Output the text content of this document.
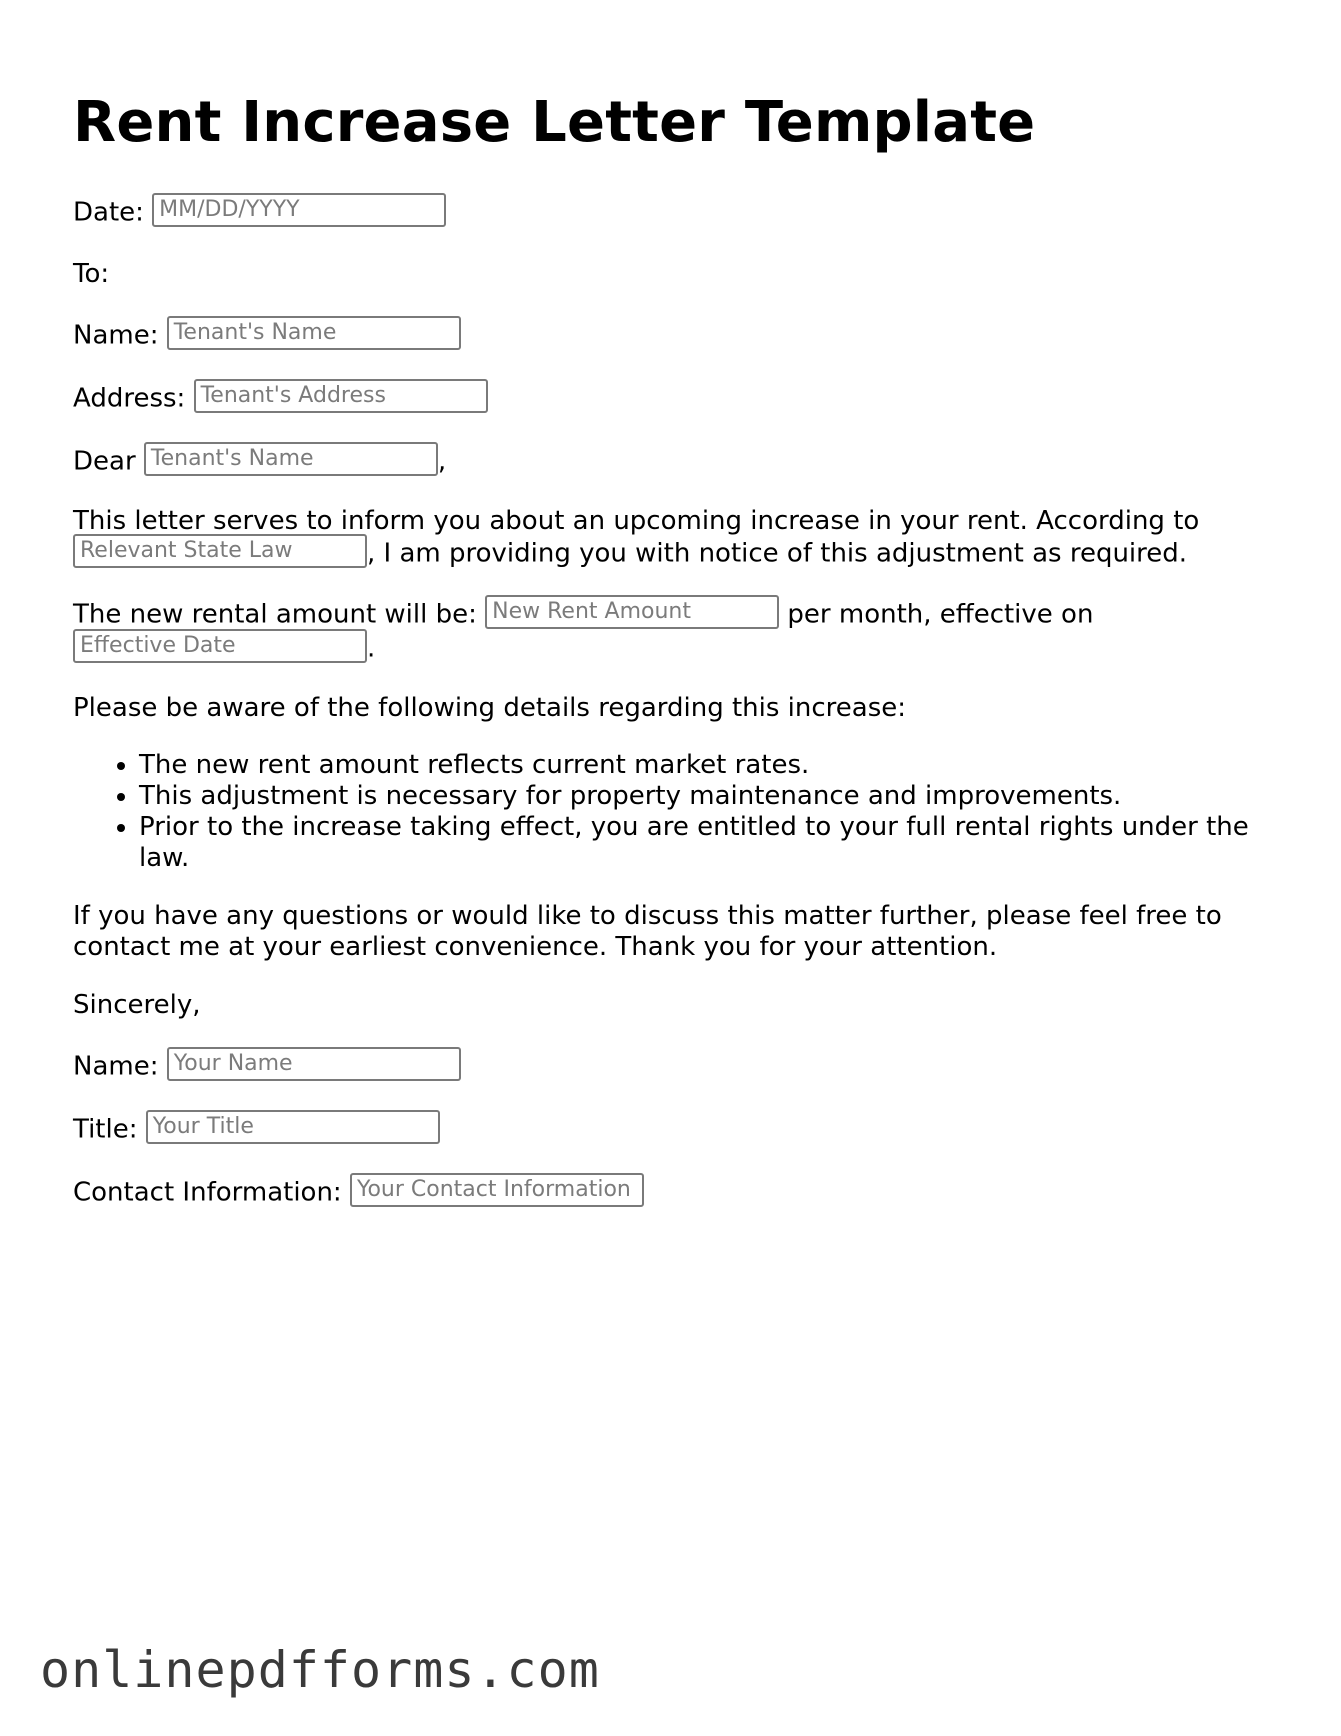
Rent Increase Letter Template

Date: MM/DD/YYYY

To:

Name: Tenant's Name

Address: Tenant's Address

Dear Tenant's Name	,

This letter serves to inform you about an upcoming increase in your rent. According to Relevant State Law	, I am providing you with notice of this adjustment as required.

The new rental amount will be: New Rent Amount	per month, effective on Effective Date	.

Please be aware of the following details regarding this increase:

• The new rent amount reflects current market rates.
• This adjustment is necessary for property maintenance and improvements.
• Prior to the increase taking effect, you are entitled to your full rental rights under the law.

If you have any questions or would like to discuss this matter further, please feel free to contact me at your earliest convenience. Thank you for your attention.

Sincerely,

Name: Your Name

Title: Your Title

Contact Information: Your Contact Information

onlinepdfforms.com
